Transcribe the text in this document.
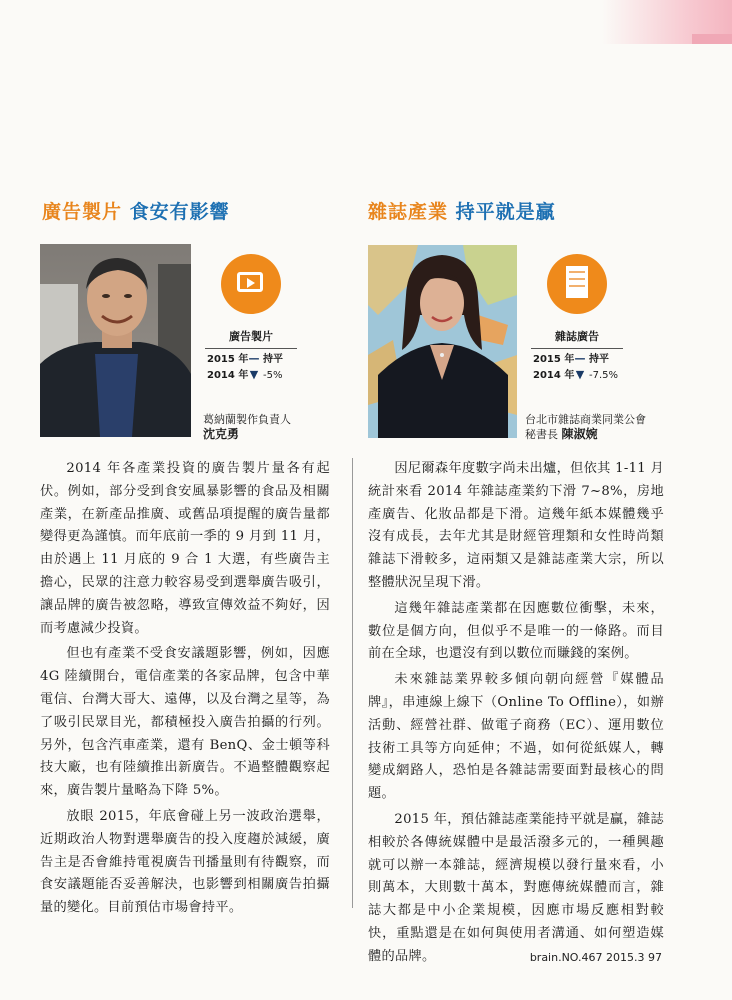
廣告製片 食安有影響
廣告製片
2015 年— 持平
2014 年▼ -5%
葛納蘭製作負責人
沈克勇
雜誌產業 持平就是贏
雜誌廣告
2015 年— 持平
2014 年▼ -7.5%
台北市雜誌商業同業公會
秘書長 陳淑婉

2014 年各產業投資的廣告製片量各有起伏。例如，部分受到食安風暴影響的食品及相關產業，在新產品推廣、或舊品項提醒的廣告量都變得更為謹慎。而年底前一季的 9 月到 11 月，由於遇上 11 月底的 9 合 1 大選，有些廣告主擔心，民眾的注意力較容易受到選舉廣告吸引，讓品牌的廣告被忽略，導致宣傳效益不夠好，因而考慮減少投資。

但也有產業不受食安議題影響，例如，因應 4G 陸續開台，電信產業的各家品牌，包含中華電信、台灣大哥大、遠傳，以及台灣之星等，為了吸引民眾目光，都積極投入廣告拍攝的行列。另外，包含汽車產業，還有 BenQ、金士頓等科技大廠，也有陸續推出新廣告。不過整體觀察起來，廣告製片量略為下降 5%。

放眼 2015，年底會碰上另一波政治選舉，近期政治人物對選舉廣告的投入度趨於減緩，廣告主是否會維持電視廣告刊播量則有待觀察，而食安議題能否妥善解決，也影響到相關廣告拍攝量的變化。目前預估市場會持平。

因尼爾森年度數字尚未出爐，但依其 1-11 月統計來看 2014 年雜誌產業約下滑 7~8%，房地產廣告、化妝品都是下滑。這幾年紙本媒體幾乎沒有成長，去年尤其是財經管理類和女性時尚類雜誌下滑較多，這兩類又是雜誌產業大宗，所以整體狀況呈現下滑。

這幾年雜誌產業都在因應數位衝擊，未來，數位是個方向，但似乎不是唯一的一條路。而目前在全球，也還沒有到以數位而賺錢的案例。

未來雜誌業界較多傾向朝向經營『媒體品牌』，串連線上線下（Online To Offline），如辦活動、經營社群、做電子商務（EC）、運用數位技術工具等方向延伸；不過，如何從紙媒人，轉變成網路人，恐怕是各雜誌需要面對最核心的問題。

2015 年，預估雜誌產業能持平就是贏，雜誌相較於各傳統媒體中是最活潑多元的，一種興趣就可以辦一本雜誌，經濟規模以發行量來看，小則萬本，大則數十萬本，對應傳統媒體而言，雜誌大都是中小企業規模，因應市場反應相對較快，重點還是在如何與使用者溝通、如何塑造媒體的品牌。	brain.NO.467 2015.3 97
